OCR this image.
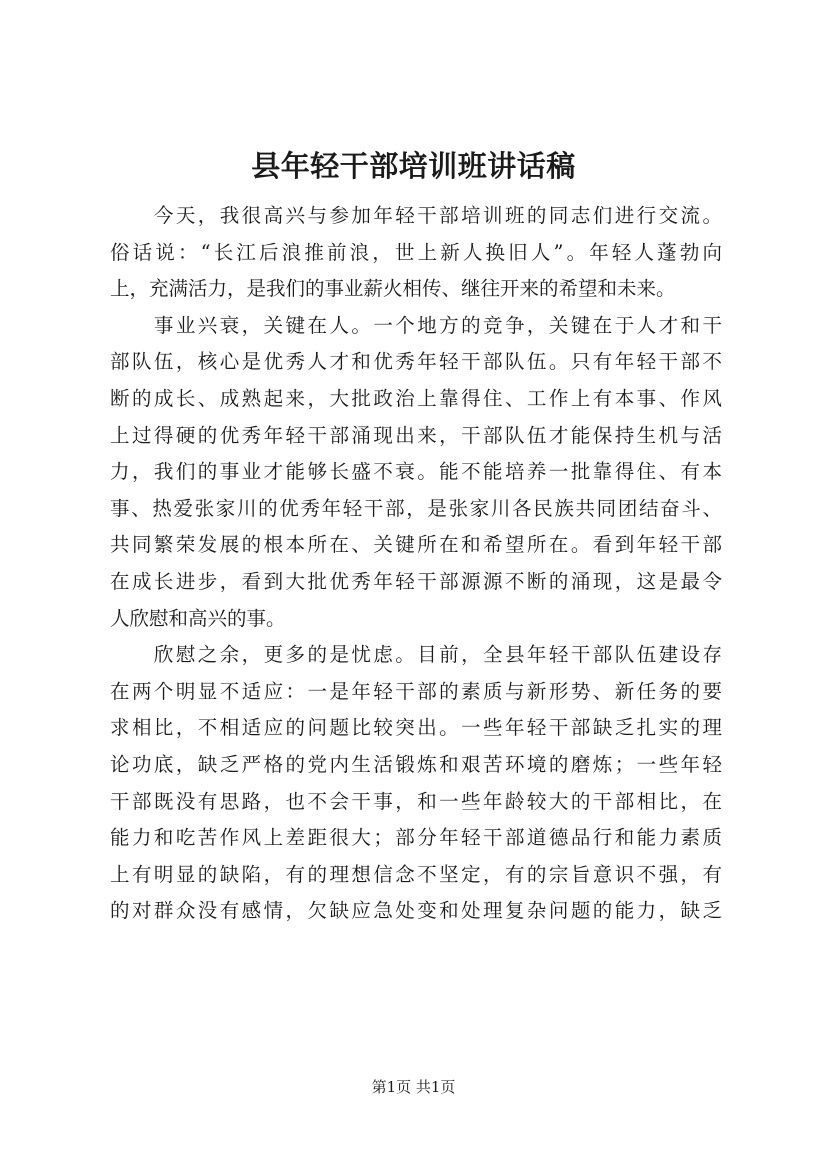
县年轻干部培训班讲话稿
　　今天，我很高兴与参加年轻干部培训班的同志们进行交流。
俗话说：“长江后浪推前浪，世上新人换旧人”。年轻人蓬勃向
上，充满活力，是我们的事业薪火相传、继往开来的希望和未来。
　　事业兴衰，关键在人。一个地方的竞争，关键在于人才和干
部队伍，核心是优秀人才和优秀年轻干部队伍。只有年轻干部不
断的成长、成熟起来，大批政治上靠得住、工作上有本事、作风
上过得硬的优秀年轻干部涌现出来，干部队伍才能保持生机与活
力，我们的事业才能够长盛不衰。能不能培养一批靠得住、有本
事、热爱张家川的优秀年轻干部，是张家川各民族共同团结奋斗、
共同繁荣发展的根本所在、关键所在和希望所在。看到年轻干部
在成长进步，看到大批优秀年轻干部源源不断的涌现，这是最令
人欣慰和高兴的事。
　　欣慰之余，更多的是忧虑。目前，全县年轻干部队伍建设存
在两个明显不适应：一是年轻干部的素质与新形势、新任务的要
求相比，不相适应的问题比较突出。一些年轻干部缺乏扎实的理
论功底，缺乏严格的党内生活锻炼和艰苦环境的磨炼；一些年轻
干部既没有思路，也不会干事，和一些年龄较大的干部相比，在
能力和吃苦作风上差距很大；部分年轻干部道德品行和能力素质
上有明显的缺陷，有的理想信念不坚定，有的宗旨意识不强，有
的对群众没有感情，欠缺应急处变和处理复杂问题的能力，缺乏
第1页 共1页
